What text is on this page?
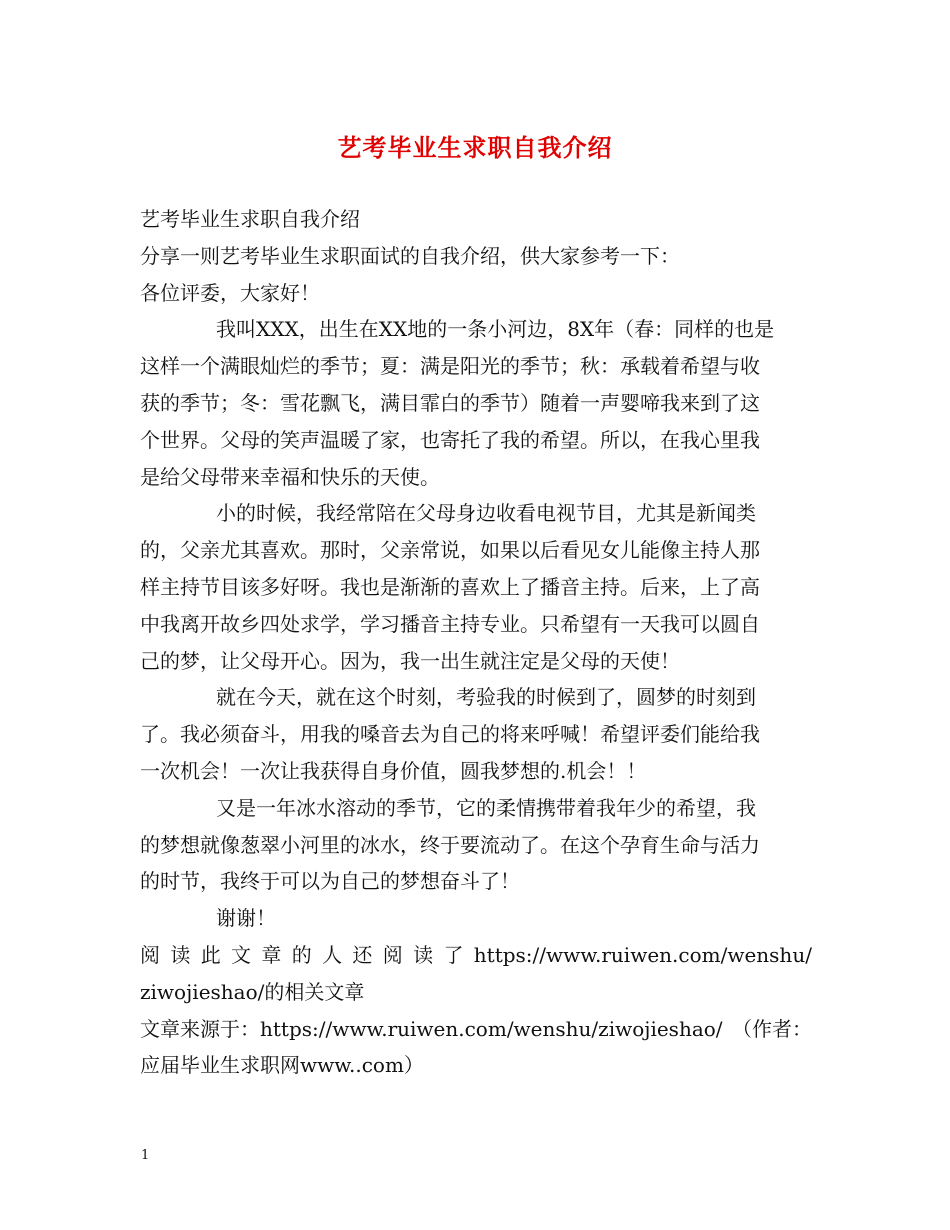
艺考毕业生求职自我介绍
艺考毕业生求职自我介绍
分享一则艺考毕业生求职面试的自我介绍，供大家参考一下：
各位评委，大家好！
我叫XXX，出生在XX地的一条小河边，8X年（春：同样的也是
这样一个满眼灿烂的季节；夏：满是阳光的季节；秋：承载着希望与收
获的季节；冬：雪花飘飞，满目霏白的季节）随着一声婴啼我来到了这
个世界。父母的笑声温暖了家，也寄托了我的希望。所以，在我心里我
是给父母带来幸福和快乐的天使。
小的时候，我经常陪在父母身边收看电视节目，尤其是新闻类
的，父亲尤其喜欢。那时，父亲常说，如果以后看见女儿能像主持人那
样主持节目该多好呀。我也是渐渐的喜欢上了播音主持。后来，上了高
中我离开故乡四处求学，学习播音主持专业。只希望有一天我可以圆自
己的梦，让父母开心。因为，我一出生就注定是父母的天使！
就在今天，就在这个时刻，考验我的时候到了，圆梦的时刻到
了。我必须奋斗，用我的嗓音去为自己的将来呼喊！希望评委们能给我
一次机会！一次让我获得自身价值，圆我梦想的.机会！！
又是一年冰水溶动的季节，它的柔情携带着我年少的希望，我
的梦想就像葱翠小河里的冰水，终于要流动了。在这个孕育生命与活力
的时节，我终于可以为自己的梦想奋斗了！
谢谢！
阅 读 此 文 章 的 人 还 阅 读 了 https://www.ruiwen.com/wenshu/
ziwojieshao/的相关文章
文章来源于：https://www.ruiwen.com/wenshu/ziwojieshao/ （作者：
应届毕业生求职网www..com）
1
